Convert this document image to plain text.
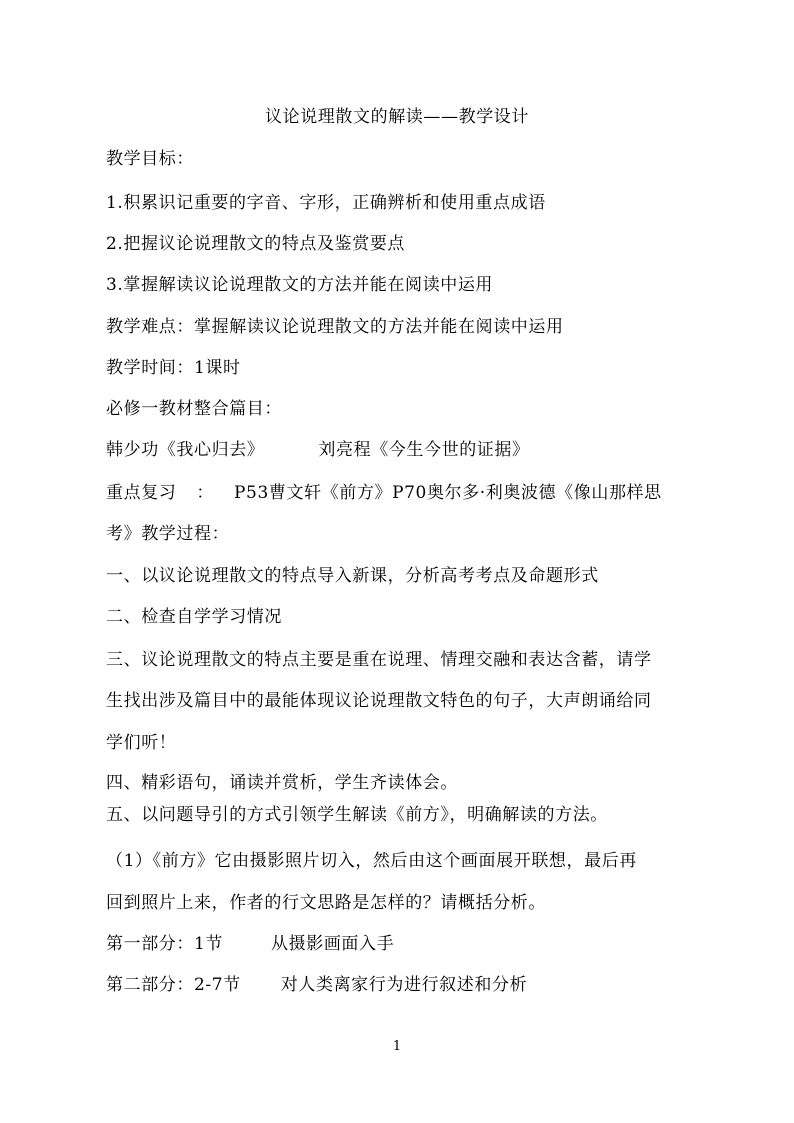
议论说理散文的解读——教学设计
教学目标：
1.积累识记重要的字音、字形，正确辨析和使用重点成语
2.把握议论说理散文的特点及鉴赏要点
3.掌握解读议论说理散文的方法并能在阅读中运用
教学难点：掌握解读议论说理散文的方法并能在阅读中运用
教学时间：1课时
必修一教材整合篇目：
韩少功《我心归去》	刘亮程《今生今世的证据》
重点复习 ： P53曹文轩《前方》P70奥尔多·利奥波德《像山那样思
考》教学过程：
一、以议论说理散文的特点导入新课，分析高考考点及命题形式
二、检查自学学习情况
三、议论说理散文的特点主要是重在说理、情理交融和表达含蓄，请学
生找出涉及篇目中的最能体现议论说理散文特色的句子，大声朗诵给同
学们听！
四、精彩语句，诵读并赏析，学生齐读体会。
五、以问题导引的方式引领学生解读《前方》，明确解读的方法。
（1）《前方》它由摄影照片切入，然后由这个画面展开联想，最后再
回到照片上来，作者的行文思路是怎样的？请概括分析。
第一部分：1节	从摄影画面入手
第二部分：2-7节 对人类离家行为进行叙述和分析
1
